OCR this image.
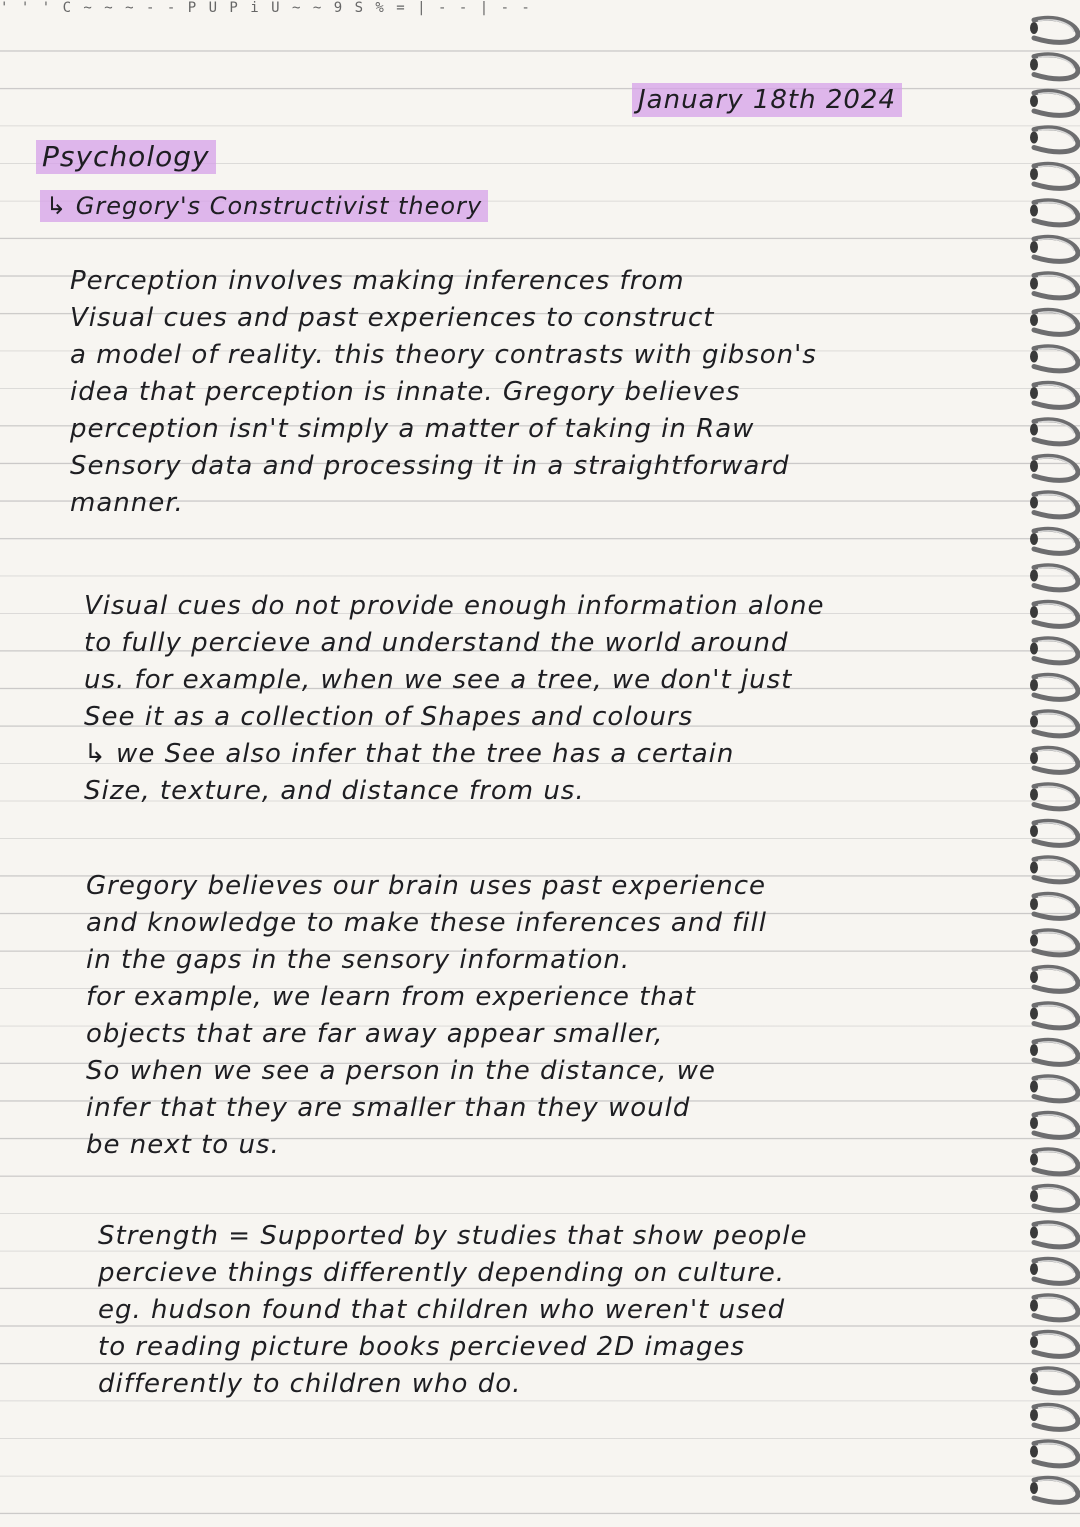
' ' ' C ~ ~ ~ - - P U P i U ~ ~ 9 S % = | - - | - -
January 18th 2024
Psychology
↳ Gregory's Constructivist theory
Perception involves making inferences from
Visual cues and past experiences to construct
a model of reality. this theory contrasts with gibson's
idea that perception is innate. Gregory believes
perception isn't simply a matter of taking in Raw
Sensory data and processing it in a straightforward
manner.
Visual cues do not provide enough information alone
to fully percieve and understand the world around
us. for example, when we see a tree, we don't just
See it as a collection of Shapes and colours
↳ we See also infer that the tree has a certain
Size, texture, and distance from us.
Gregory believes our brain uses past experience
and knowledge to make these inferences and fill
in the gaps in the sensory information.
for example, we learn from experience that
objects that are far away appear smaller,
So when we see a person in the distance, we
infer that they are smaller than they would
be next to us.
Strength = Supported by studies that show people
percieve things differently depending on culture.
eg. hudson found that children who weren't used
to reading picture books percieved 2D images
differently to children who do.
